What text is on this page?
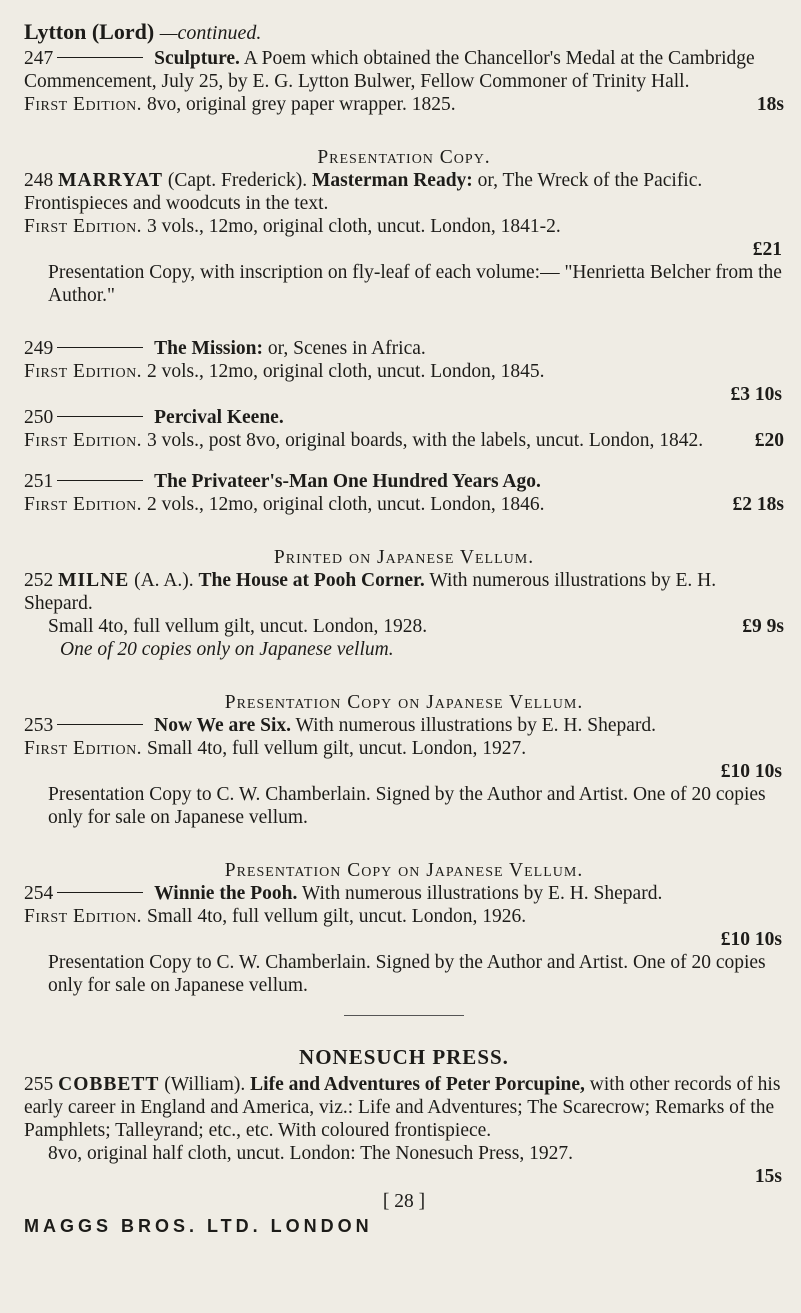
Lytton (Lord) —continued.
247	Sculpture. A Poem which obtained the Chancellor's Medal at the Cambridge Commencement, July 25, by E. G. Lytton Bulwer, Fellow Commoner of Trinity Hall.
First Edition. 8vo, original grey paper wrapper. 1825.	18s
Presentation Copy.
248 MARRYAT (Capt. Frederick). Masterman Ready: or, The Wreck of the Pacific. Frontispieces and woodcuts in the text.
First Edition. 3 vols., 12mo, original cloth, uncut. London, 1841-2.
£21
Presentation Copy, with inscription on fly-leaf of each volume:— "Henrietta Belcher from the Author."
249	The Mission: or, Scenes in Africa.
First Edition. 2 vols., 12mo, original cloth, uncut. London, 1845.
£3 10s
250	Percival Keene.
First Edition. 3 vols., post 8vo, original boards, with the labels, uncut. London, 1842.	£20
251	The Privateer's-Man One Hundred Years Ago.
First Edition. 2 vols., 12mo, original cloth, uncut. London, 1846.	£2 18s
Printed on Japanese Vellum.
252 MILNE (A. A.). The House at Pooh Corner. With numerous illustrations by E. H. Shepard.
Small 4to, full vellum gilt, uncut. London, 1928.	£9 9s
One of 20 copies only on Japanese vellum.
Presentation Copy on Japanese Vellum.
253	Now We are Six. With numerous illustrations by E. H. Shepard.
First Edition. Small 4to, full vellum gilt, uncut. London, 1927.
£10 10s
Presentation Copy to C. W. Chamberlain. Signed by the Author and Artist. One of 20 copies only for sale on Japanese vellum.
Presentation Copy on Japanese Vellum.
254	Winnie the Pooh. With numerous illustrations by E. H. Shepard.
First Edition. Small 4to, full vellum gilt, uncut. London, 1926.
£10 10s
Presentation Copy to C. W. Chamberlain. Signed by the Author and Artist. One of 20 copies only for sale on Japanese vellum.
NONESUCH PRESS.
255 COBBETT (William). Life and Adventures of Peter Porcupine, with other records of his early career in England and America, viz.: Life and Adventures; The Scarecrow; Remarks of the Pamphlets; Talleyrand; etc., etc. With coloured frontispiece.
8vo, original half cloth, uncut. London: The Nonesuch Press, 1927.
15s
[ 28 ]
MAGGS BROS. LTD. LONDON
